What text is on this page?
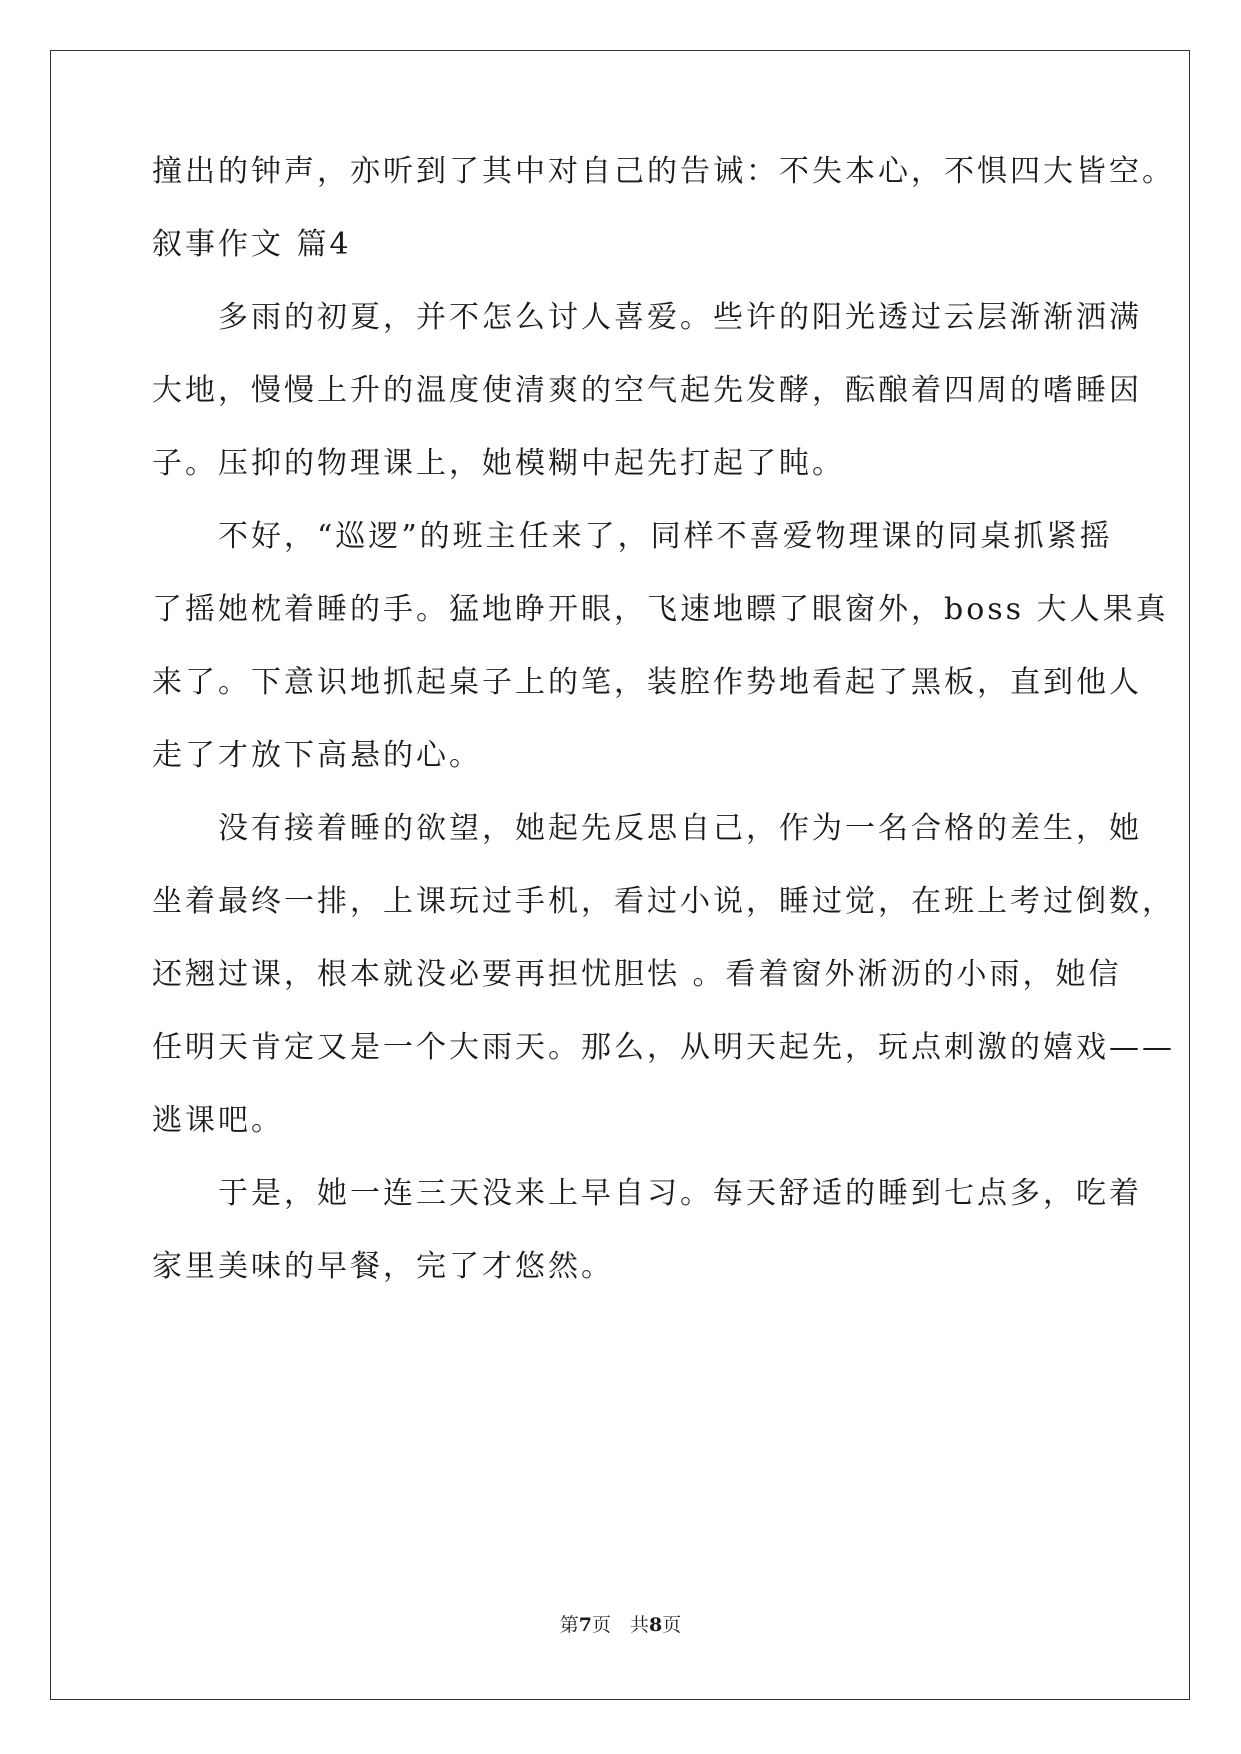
撞出的钟声，亦听到了其中对自己的告诫：不失本心，不惧四大皆空。
叙事作文 篇4
　　多雨的初夏，并不怎么讨人喜爱。些许的阳光透过云层渐渐洒满
大地，慢慢上升的温度使清爽的空气起先发酵，酝酿着四周的嗜睡因
子。压抑的物理课上，她模糊中起先打起了盹。
　　不好，“巡逻”的班主任来了，同样不喜爱物理课的同桌抓紧摇
了摇她枕着睡的手。猛地睁开眼，飞速地瞟了眼窗外，boss 大人果真
来了。下意识地抓起桌子上的笔，装腔作势地看起了黑板，直到他人
走了才放下高悬的心。
　　没有接着睡的欲望，她起先反思自己，作为一名合格的差生，她
坐着最终一排，上课玩过手机，看过小说，睡过觉，在班上考过倒数，
还翘过课，根本就没必要再担忧胆怯 。看着窗外淅沥的小雨，她信
任明天肯定又是一个大雨天。那么，从明天起先，玩点刺激的嬉戏——
逃课吧。
　　于是，她一连三天没来上早自习。每天舒适的睡到七点多，吃着
家里美味的早餐，完了才悠然。
第7页　共8页
